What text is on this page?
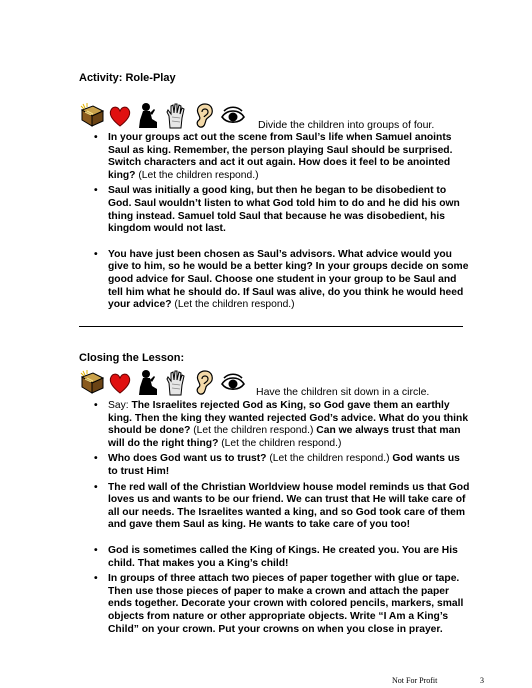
Activity: Role-Play
Divide the children into groups of four.
• In your groups act out the scene from Saul’s life when Samuel anoints Saul as king. Remember, the person playing Saul should be surprised. Switch characters and act it out again. How does it feel to be anointed king? (Let the children respond.)
• Saul was initially a good king, but then he began to be disobedient to God. Saul wouldn’t listen to what God told him to do and he did his own thing instead. Samuel told Saul that because he was disobedient, his kingdom would not last.
• You have just been chosen as Saul’s advisors. What advice would you give to him, so he would be a better king? In your groups decide on some good advice for Saul. Choose one student in your group to be Saul and tell him what he should do. If Saul was alive, do you think he would heed your advice? (Let the children respond.)
Closing the Lesson:
Have the children sit down in a circle.
• Say: The Israelites rejected God as King, so God gave them an earthly king. Then the king they wanted rejected God’s advice. What do you think should be done? (Let the children respond.) Can we always trust that man will do the right thing? (Let the children respond.)
• Who does God want us to trust? (Let the children respond.) God wants us to trust Him!
• The red wall of the Christian Worldview house model reminds us that God loves us and wants to be our friend. We can trust that He will take care of all our needs. The Israelites wanted a king, and so God took care of them and gave them Saul as king. He wants to take care of you too!
• God is sometimes called the King of Kings. He created you. You are His child. That makes you a King’s child!
• In groups of three attach two pieces of paper together with glue or tape. Then use those pieces of paper to make a crown and attach the paper ends together. Decorate your crown with colored pencils, markers, small objects from nature or other appropriate objects. Write “I Am a King’s Child” on your crown. Put your crowns on when you close in prayer.
Not For Profit	3
